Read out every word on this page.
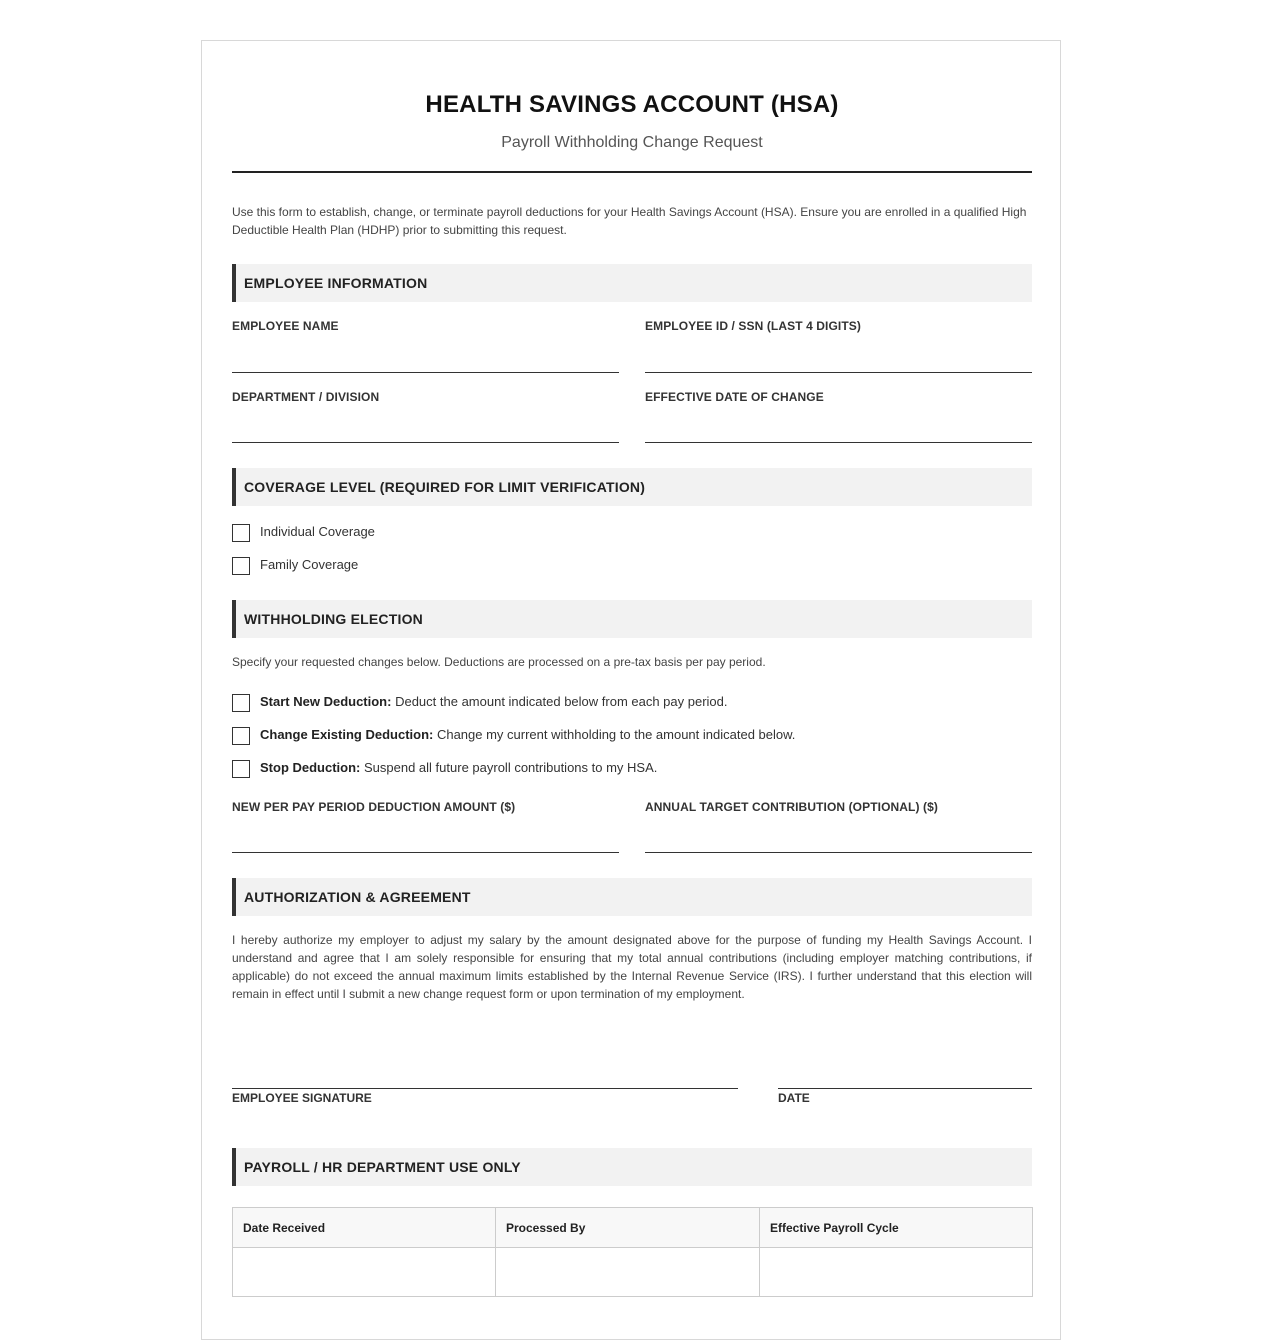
HEALTH SAVINGS ACCOUNT (HSA)
Payroll Withholding Change Request
Use this form to establish, change, or terminate payroll deductions for your Health Savings Account (HSA). Ensure you are enrolled in a qualified High Deductible Health Plan (HDHP) prior to submitting this request.
EMPLOYEE INFORMATION
EMPLOYEE NAME	EMPLOYEE ID / SSN (LAST 4 DIGITS)
DEPARTMENT / DIVISION	EFFECTIVE DATE OF CHANGE
COVERAGE LEVEL (REQUIRED FOR LIMIT VERIFICATION)
Individual Coverage
Family Coverage
WITHHOLDING ELECTION
Specify your requested changes below. Deductions are processed on a pre-tax basis per pay period.
Start New Deduction: Deduct the amount indicated below from each pay period.
Change Existing Deduction: Change my current withholding to the amount indicated below.
Stop Deduction: Suspend all future payroll contributions to my HSA.
NEW PER PAY PERIOD DEDUCTION AMOUNT ($)	ANNUAL TARGET CONTRIBUTION (OPTIONAL) ($)
AUTHORIZATION & AGREEMENT
I hereby authorize my employer to adjust my salary by the amount designated above for the purpose of funding my Health Savings Account. I understand and agree that I am solely responsible for ensuring that my total annual contributions (including employer matching contributions, if applicable) do not exceed the annual maximum limits established by the Internal Revenue Service (IRS). I further understand that this election will remain in effect until I submit a new change request form or upon termination of my employment.
EMPLOYEE SIGNATURE	DATE
PAYROLL / HR DEPARTMENT USE ONLY
Date Received	Processed By	Effective Payroll Cycle
